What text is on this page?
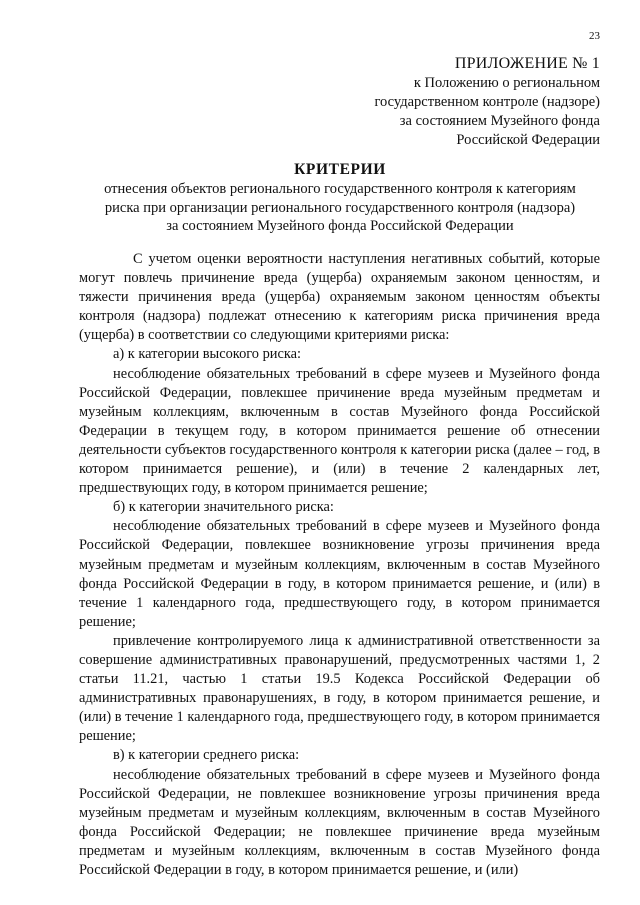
23
ПРИЛОЖЕНИЕ № 1
к Положению о региональном
государственном контроле (надзоре)
за состоянием Музейного фонда
Российской Федерации
КРИТЕРИИ
отнесения объектов регионального государственного контроля к категориям
риска при организации регионального государственного контроля (надзора)
за состоянием Музейного фонда Российской Федерации

С учетом оценки вероятности наступления негативных событий, которые могут повлечь причинение вреда (ущерба) охраняемым законом ценностям, и тяжести причинения вреда (ущерба) охраняемым законом ценностям объекты контроля (надзора) подлежат отнесению к категориям риска причинения вреда (ущерба) в соответствии со следующими критериями риска:

а) к категории высокого риска:

несоблюдение обязательных требований в сфере музеев и Музейного фонда Российской Федерации, повлекшее причинение вреда музейным предметам и музейным коллекциям, включенным в состав Музейного фонда Российской Федерации в текущем году, в котором принимается решение об отнесении деятельности субъектов государственного контроля к категории риска (далее – год, в котором принимается решение), и (или) в течение 2 календарных лет, предшествующих году, в котором принимается решение;

б) к категории значительного риска:

несоблюдение обязательных требований в сфере музеев и Музейного фонда Российской Федерации, повлекшее возникновение угрозы причинения вреда музейным предметам и музейным коллекциям, включенным в состав Музейного фонда Российской Федерации в году, в котором принимается решение, и (или) в течение 1 календарного года, предшествующего году, в котором принимается решение;

привлечение контролируемого лица к административной ответственности за совершение административных правонарушений, предусмотренных частями 1, 2 статьи 11.21, частью 1 статьи 19.5 Кодекса Российской Федерации об административных правонарушениях, в году, в котором принимается решение, и (или) в течение 1 календарного года, предшествующего году, в котором принимается решение;

в) к категории среднего риска:

несоблюдение обязательных требований в сфере музеев и Музейного фонда Российской Федерации, не повлекшее возникновение угрозы причинения вреда музейным предметам и музейным коллекциям, включенным в состав Музейного фонда Российской Федерации; не повлекшее причинение вреда музейным предметам и музейным коллекциям, включенным в состав Музейного фонда Российской Федерации в году, в котором принимается решение, и (или)
